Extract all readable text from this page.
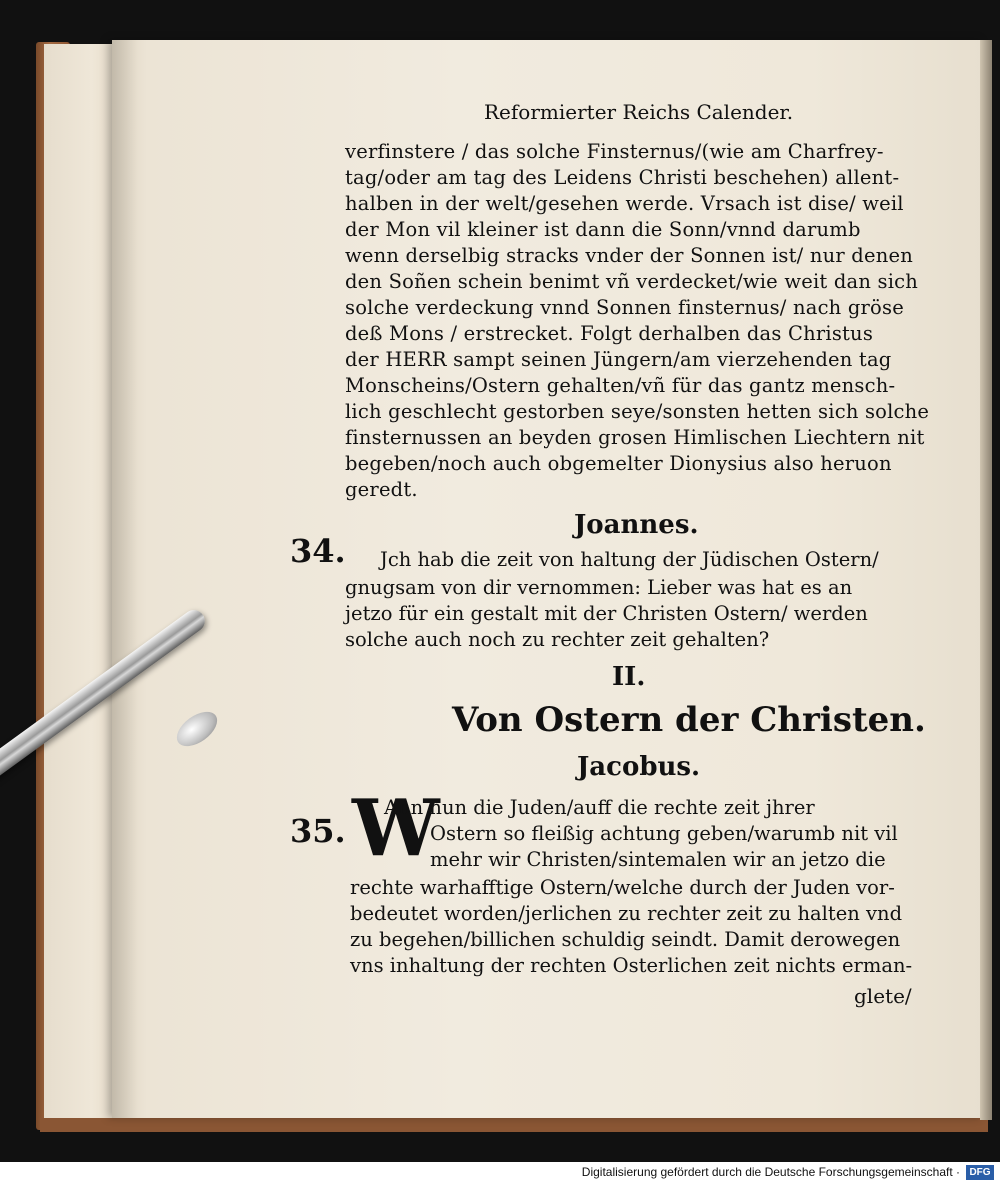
Reformierter Reichs Calender.
verfinstere / das solche Finsternus/(wie am Charfrey-
tag/oder am tag des Leidens Christi beschehen) allent-
halben in der welt/gesehen werde. Vrsach ist dise/ weil
der Mon vil kleiner ist dann die Sonn/vnnd darumb
wenn derselbig stracks vnder der Sonnen ist/ nur denen
den Soñen schein benimt vñ verdecket/wie weit dan sich
solche verdeckung vnnd Sonnen finsternus/ nach gröse
deß Mons / erstrecket. Folgt derhalben das Christus
der HERR sampt seinen Jüngern/am vierzehenden tag
Monscheins/Ostern gehalten/vñ für das gantz mensch-
lich geschlecht gestorben seye/sonsten hetten sich solche
finsternussen an beyden grosen Himlischen Liechtern nit
begeben/noch auch obgemelter Dionysius also heruon
geredt.
Joannes.
34. Jch hab die zeit von haltung der Jüdischen Ostern/
gnugsam von dir vernommen: Lieber was hat es an
jetzo für ein gestalt mit der Christen Ostern/ werden
solche auch noch zu rechter zeit gehalten?
II.
Von Ostern der Christen.
Jacobus.
35. W
Ann nun die Juden/auff die rechte zeit jhrer
Ostern so fleißig achtung geben/warumb nit vil
mehr wir Christen/sintemalen wir an jetzo die
rechte warhafftige Ostern/welche durch der Juden vor-
bedeutet worden/jerlichen zu rechter zeit zu halten vnd
zu begehen/billichen schuldig seindt. Damit derowegen
vns inhaltung der rechten Osterlichen zeit nichts erman-
glete/
Digitalisierung gefördert durch die Deutsche Forschungsgemeinschaft · DFG
